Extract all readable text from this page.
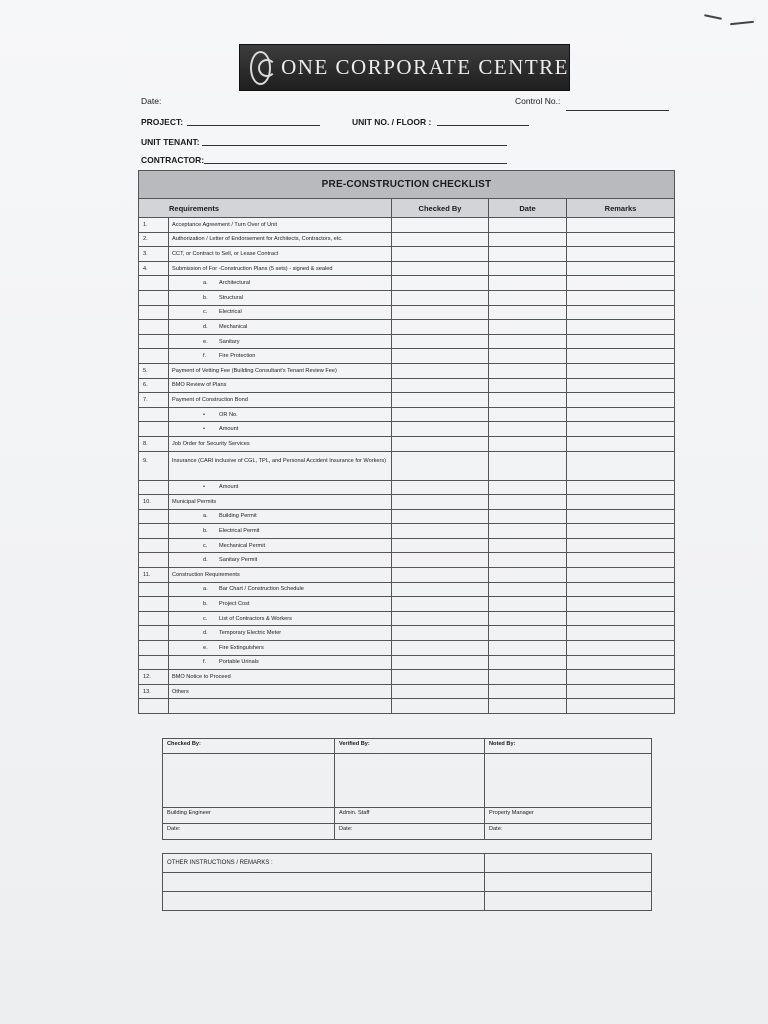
ONE CORPORATE CENTRE
Date:	Control No.:
PROJECT:	UNIT NO. / FLOOR :
UNIT TENANT:
CONTRACTOR:
PRE-CONSTRUCTION CHECKLIST				
Requirements		Checked By	Date	Remarks
1.	Acceptance Agreement / Turn Over of Unit			
2.	Authorization / Letter of Endorsement for Architects, Contractors, etc.			
3.	CCT, or Contract to Sell, or Lease Contract			
4.	Submission of For -Construction Plans (5 sets) - signed & sealed			
	a. Architectural			
	b. Structural			
	c. Electrical			
	d. Mechanical			
	e. Sanitary			
	f. Fire Protection			
5.	Payment of Vetting Fee (Building Consultant's Tenant Review Fee)			
6.	BMO Review of Plans			
7.	Payment of Construction Bond			
	• OR No.			
	• Amount			
8.	Job Order for Security Services			
9.	Insurance (CARI inclusive of CGL, TPL, and Personal Accident Insurance for Workers)			
	• Amount			
10.	Municipal Permits			
	a. Building Permit			
	b. Electrical Permit			
	c. Mechanical Permit			
	d. Sanitary Permit			
11.	Construction Requirements			
	a. Bar Chart / Construction Schedule			
	b. Project Cost			
	c. List of Contractors & Workers			
	d. Temporary Electric Meter			
	e. Fire Extinguishers			
	f. Portable Urinals			
12.	BMO Notice to Proceed			
13.	Others			

Checked By:	Verified By:	Noted By:

Building Engineer	Admin. Staff	Property Manager
Date:	Date:	Date:
OTHER INSTRUCTIONS / REMARKS :	
